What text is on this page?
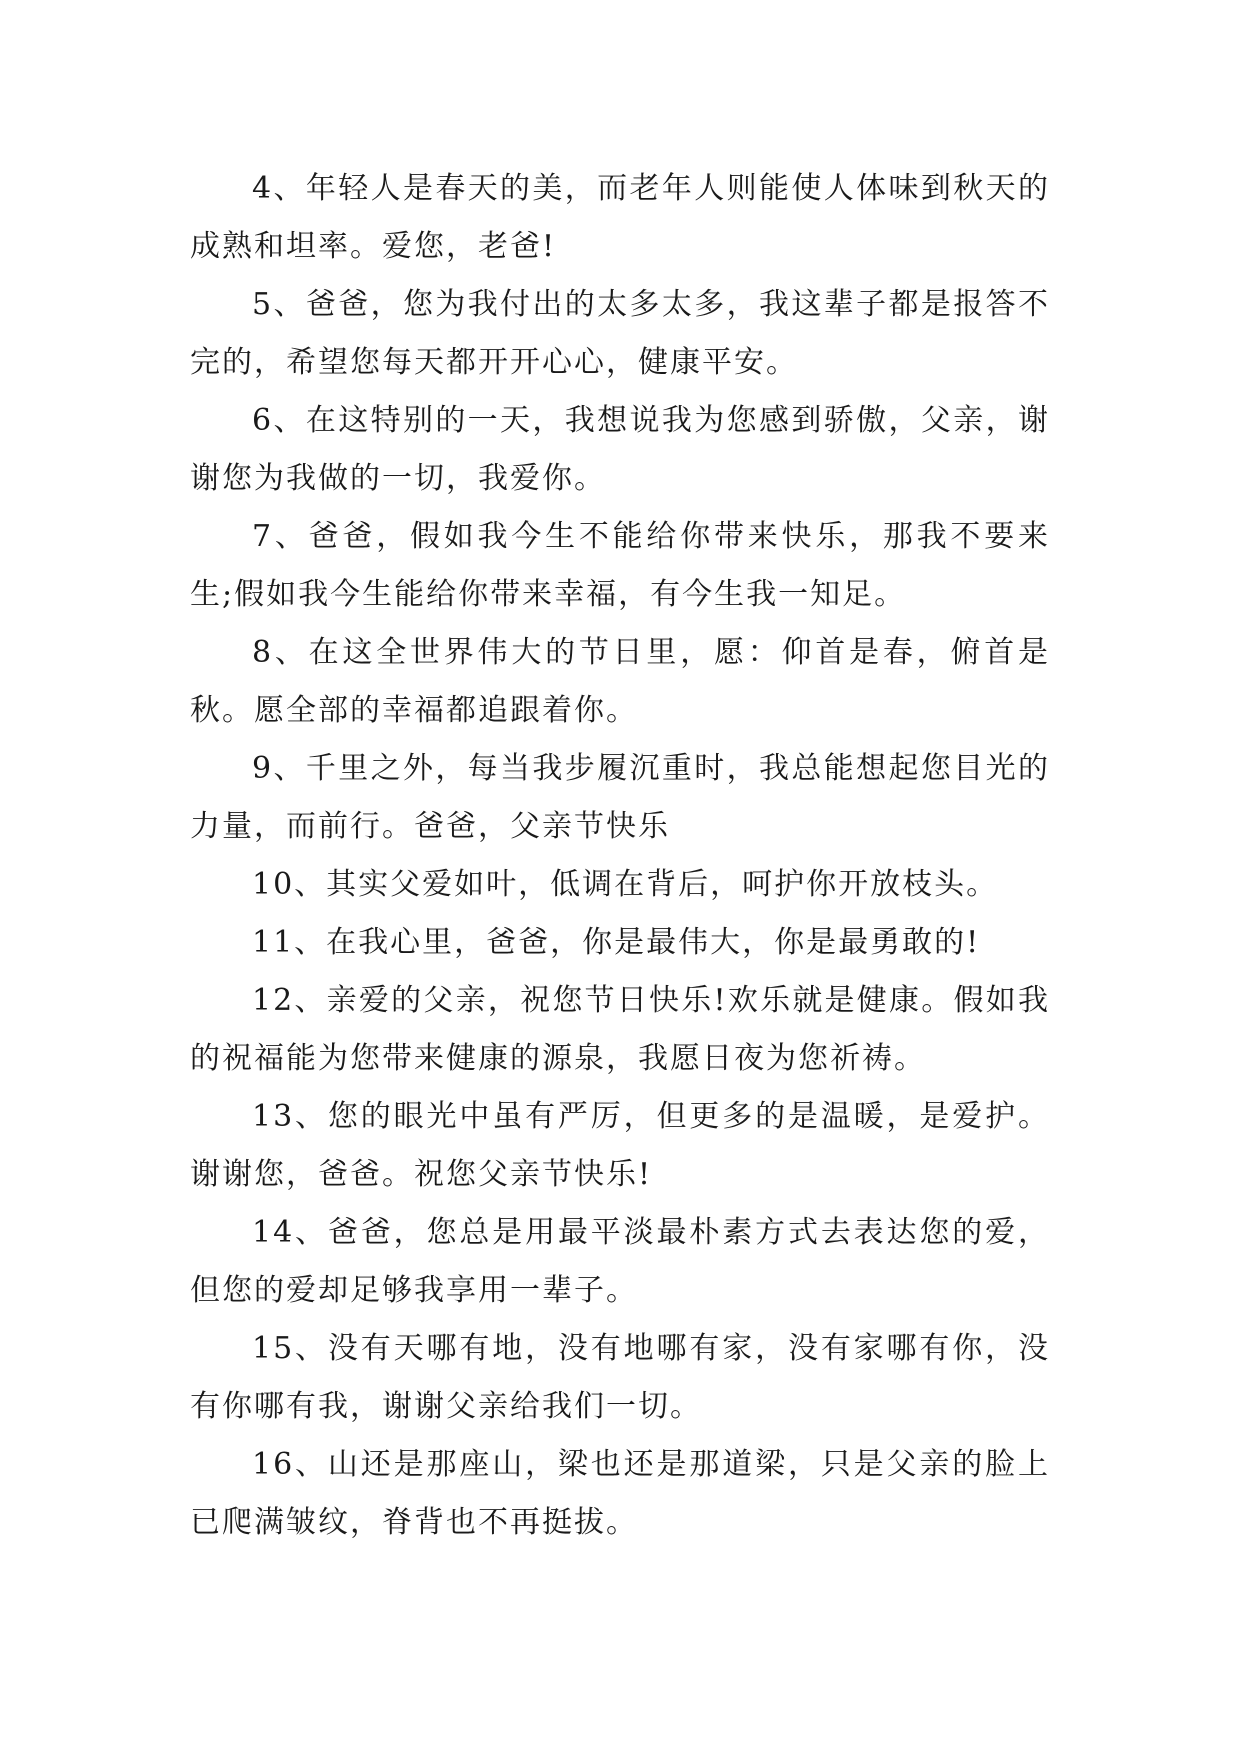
4、年轻人是春天的美，而老年人则能使人体味到秋天的成熟和坦率。爱您，老爸!

5、爸爸，您为我付出的太多太多，我这辈子都是报答不完的，希望您每天都开开心心，健康平安。

6、在这特别的一天，我想说我为您感到骄傲，父亲，谢谢您为我做的一切，我爱你。

7、爸爸，假如我今生不能给你带来快乐，那我不要来生;假如我今生能给你带来幸福，有今生我一知足。

8、在这全世界伟大的节日里，愿：仰首是春，俯首是秋。愿全部的幸福都追跟着你。

9、千里之外，每当我步履沉重时，我总能想起您目光的力量，而前行。爸爸，父亲节快乐

10、其实父爱如叶，低调在背后，呵护你开放枝头。

11、在我心里，爸爸，你是最伟大，你是最勇敢的!

12、亲爱的父亲，祝您节日快乐!欢乐就是健康。假如我的祝福能为您带来健康的源泉，我愿日夜为您祈祷。

13、您的眼光中虽有严厉，但更多的是温暖，是爱护。谢谢您，爸爸。祝您父亲节快乐!

14、爸爸，您总是用最平淡最朴素方式去表达您的爱，但您的爱却足够我享用一辈子。

15、没有天哪有地，没有地哪有家，没有家哪有你，没有你哪有我，谢谢父亲给我们一切。

16、山还是那座山，梁也还是那道梁，只是父亲的脸上已爬满皱纹，脊背也不再挺拔。
